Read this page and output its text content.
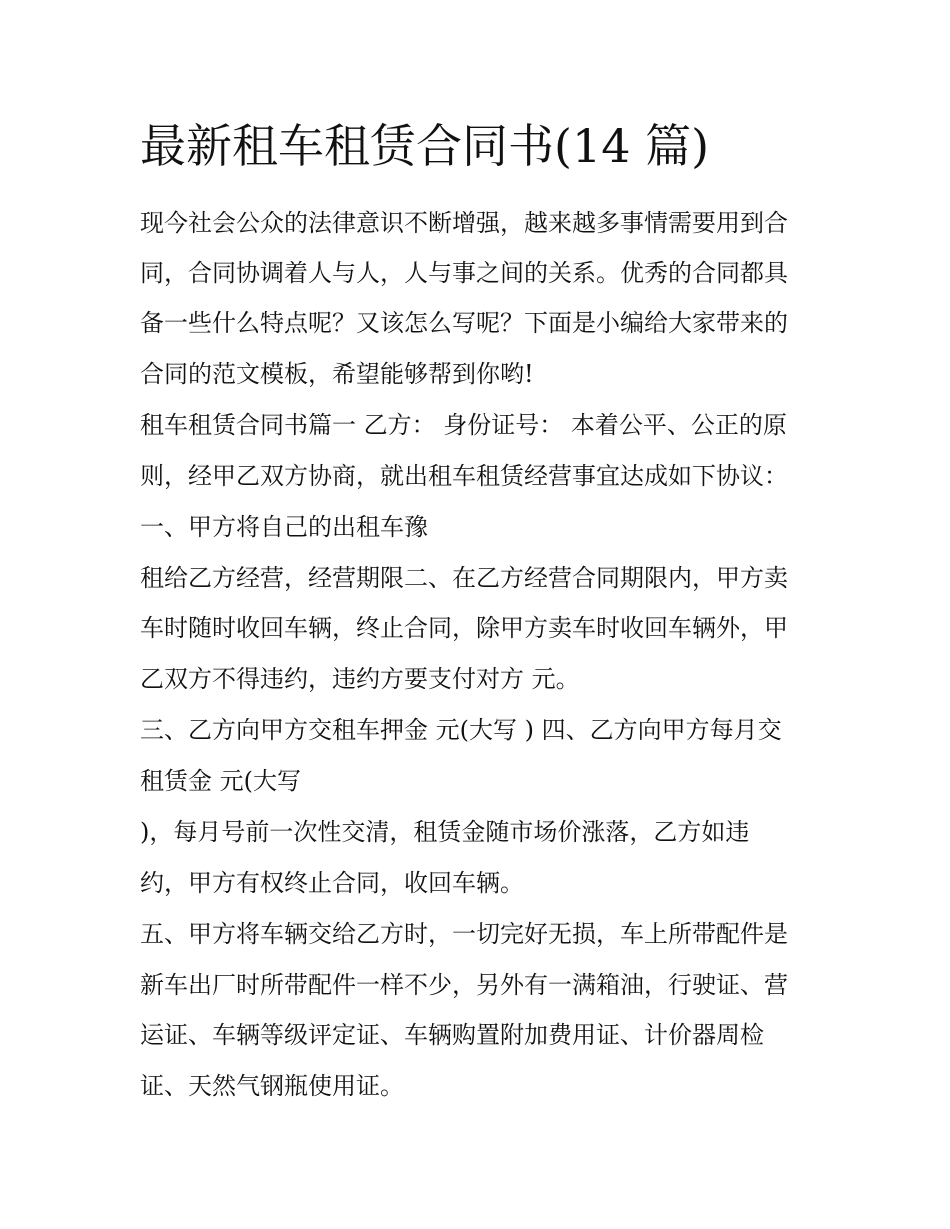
最新租车租赁合同书(14 篇)

现今社会公众的法律意识不断增强，越来越多事情需要用到合

同，合同协调着人与人，人与事之间的关系。优秀的合同都具

备一些什么特点呢？又该怎么写呢？下面是小编给大家带来的

合同的范文模板，希望能够帮到你哟!

租车租赁合同书篇一 乙方： 身份证号： 本着公平、公正的原

则，经甲乙双方协商，就出租车租赁经营事宜达成如下协议：

一、甲方将自己的出租车豫

租给乙方经营，经营期限二、在乙方经营合同期限内，甲方卖

车时随时收回车辆，终止合同，除甲方卖车时收回车辆外，甲

乙双方不得违约，违约方要支付对方 元。

三、乙方向甲方交租车押金 元(大写 ) 四、乙方向甲方每月交

租赁金 元(大写

)，每月号前一次性交清，租赁金随市场价涨落，乙方如违

约，甲方有权终止合同，收回车辆。

五、甲方将车辆交给乙方时，一切完好无损，车上所带配件是

新车出厂时所带配件一样不少，另外有一满箱油，行驶证、营

运证、车辆等级评定证、车辆购置附加费用证、计价器周检

证、天然气钢瓶使用证。
